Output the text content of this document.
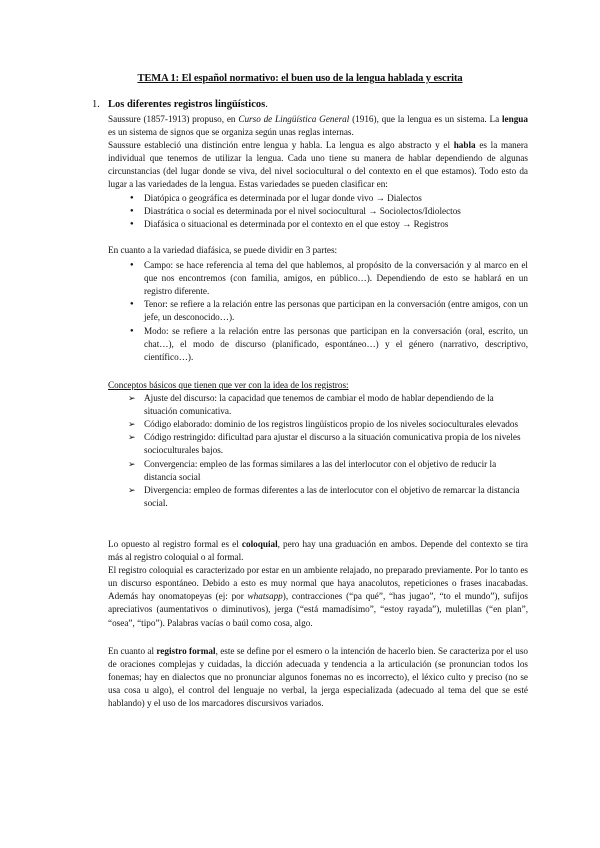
TEMA 1: El español normativo: el buen uso de la lengua hablada y escrita
1. Los diferentes registros lingüísticos.

Saussure (1857-1913) propuso, en Curso de Lingüística General (1916), que la lengua es un sistema. La lengua es un sistema de signos que se organiza según unas reglas internas.

Saussure estableció una distinción entre lengua y habla. La lengua es algo abstracto y el habla es la manera individual que tenemos de utilizar la lengua. Cada uno tiene su manera de hablar dependiendo de algunas circunstancias (del lugar donde se viva, del nivel sociocultural o del contexto en el que estamos). Todo esto da lugar a las variedades de la lengua. Estas variedades se pueden clasificar en:

● Diatópica o geográfica es determinada por el lugar donde vivo → Dialectos
● Diastrática o social es determinada por el nivel sociocultural → Sociolectos/Idiolectos
● Diafásica o situacional es determinada por el contexto en el que estoy → Registros

En cuanto a la variedad diafásica, se puede dividir en 3 partes:

● Campo: se hace referencia al tema del que hablemos, al propósito de la conversación y al marco en el que nos encontremos (con familia, amigos, en público…). Dependiendo de esto se hablará en un registro diferente.
● Tenor: se refiere a la relación entre las personas que participan en la conversación (entre amigos, con un jefe, un desconocido…).
● Modo: se refiere a la relación entre las personas que participan en la conversación (oral, escrito, un chat…), el modo de discurso (planificado, espontáneo…) y el género (narrativo, descriptivo, científico…).

Conceptos básicos que tienen que ver con la idea de los registros:

➢ Ajuste del discurso: la capacidad que tenemos de cambiar el modo de hablar dependiendo de la situación comunicativa.
➢ Código elaborado: dominio de los registros lingüísticos propio de los niveles socioculturales elevados
➢ Código restringido: dificultad para ajustar el discurso a la situación comunicativa propia de los niveles socioculturales bajos.
➢ Convergencia: empleo de las formas similares a las del interlocutor con el objetivo de reducir la distancia social
➢ Divergencia: empleo de formas diferentes a las de interlocutor con el objetivo de remarcar la distancia social.

Lo opuesto al registro formal es el coloquial, pero hay una graduación en ambos. Depende del contexto se tira más al registro coloquial o al formal.

El registro coloquial es caracterizado por estar en un ambiente relajado, no preparado previamente. Por lo tanto es un discurso espontáneo. Debido a esto es muy normal que haya anacolutos, repeticiones o frases inacabadas. Además hay onomatopeyas (ej: por whatsapp), contracciones (“pa qué”, “has jugao”, “to el mundo”), sufijos apreciativos (aumentativos o diminutivos), jerga (“está mamadísimo”, “estoy rayada”), muletillas (“en plan”, “osea”, “tipo”). Palabras vacías o baúl como cosa, algo.

En cuanto al registro formal, este se define por el esmero o la intención de hacerlo bien. Se caracteriza por el uso de oraciones complejas y cuidadas, la dicción adecuada y tendencia a la articulación (se pronuncian todos los fonemas; hay en dialectos que no pronunciar algunos fonemas no es incorrecto), el léxico culto y preciso (no se usa cosa u algo), el control del lenguaje no verbal, la jerga especializada (adecuado al tema del que se esté hablando) y el uso de los marcadores discursivos variados.
